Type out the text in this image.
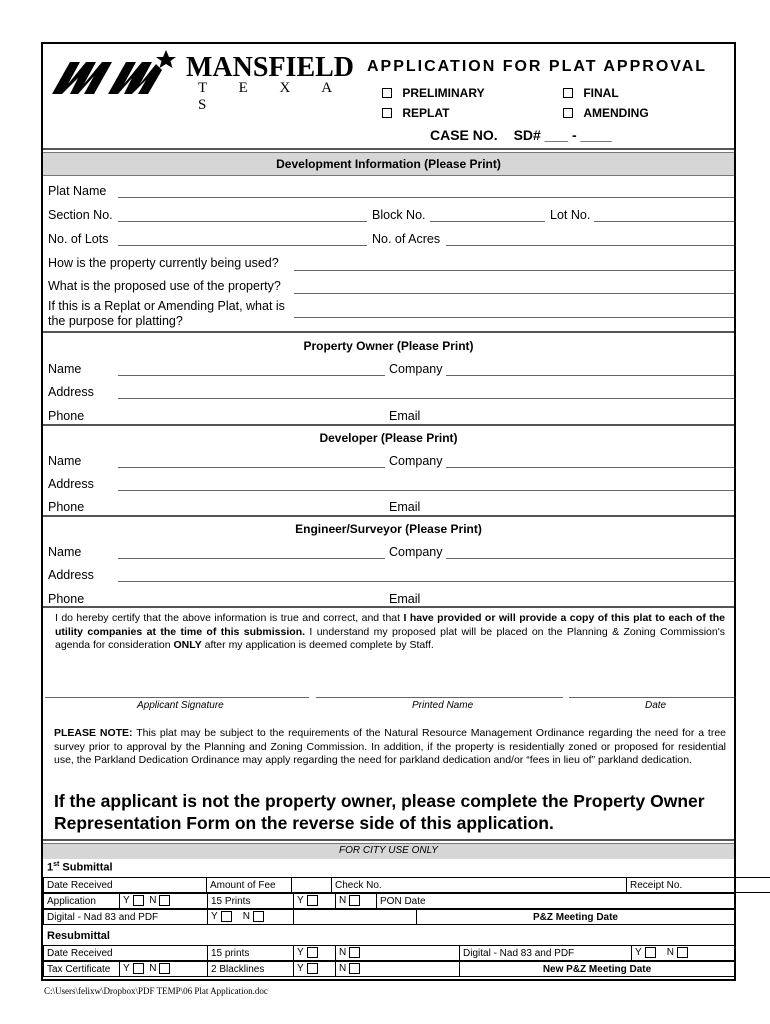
MANSFIELD
T E X A S
APPLICATION FOR PLAT APPROVAL
PRELIMINARY	FINAL
REPLAT	AMENDING
CASE NO. SD# ___ - ____
Development Information (Please Print)
Plat Name
Section No.	Block No.	Lot No.
No. of Lots	No. of Acres
How is the property currently being used?
What is the proposed use of the property?
If this is a Replat or Amending Plat, what is
the purpose for platting?
Property Owner (Please Print)
Name	Company
Address
Phone	Email
Developer (Please Print)
Name	Company
Address
Phone	Email
Engineer/Surveyor (Please Print)
Name	Company
Address
Phone	Email
I do hereby certify that the above information is true and correct, and that I have provided or will provide a copy of this plat to each of the utility companies at the time of this submission. I understand my proposed plat will be placed on the Planning & Zoning Commission's agenda for consideration ONLY after my application is deemed complete by Staff.
Applicant Signature	Printed Name	Date
PLEASE NOTE: This plat may be subject to the requirements of the Natural Resource Management Ordinance regarding the need for a tree survey prior to approval by the Planning and Zoning Commission. In addition, if the property is residentially zoned or proposed for residential use, the Parkland Dedication Ordinance may apply regarding the need for parkland dedication and/or “fees in lieu of” parkland dedication.
If the applicant is not the property owner, please complete the Property Owner Representation Form on the reverse side of this application.
FOR CITY USE ONLY
1st Submittal
Date Received	Amount of Fee		Check No.	Receipt No.
Application	Y N	15 Prints	Y	N	PON Date
Digital - Nad 83 and PDF	Y	N		P&Z Meeting Date
Resubmittal
Date Received	15 prints	Y	N	Digital - Nad 83 and PDF	Y	N
Tax Certificate	Y N	2 Blacklines	Y	N	New P&Z Meeting Date
C:\Users\felixw\Dropbox\PDF TEMP\06 Plat Application.doc
